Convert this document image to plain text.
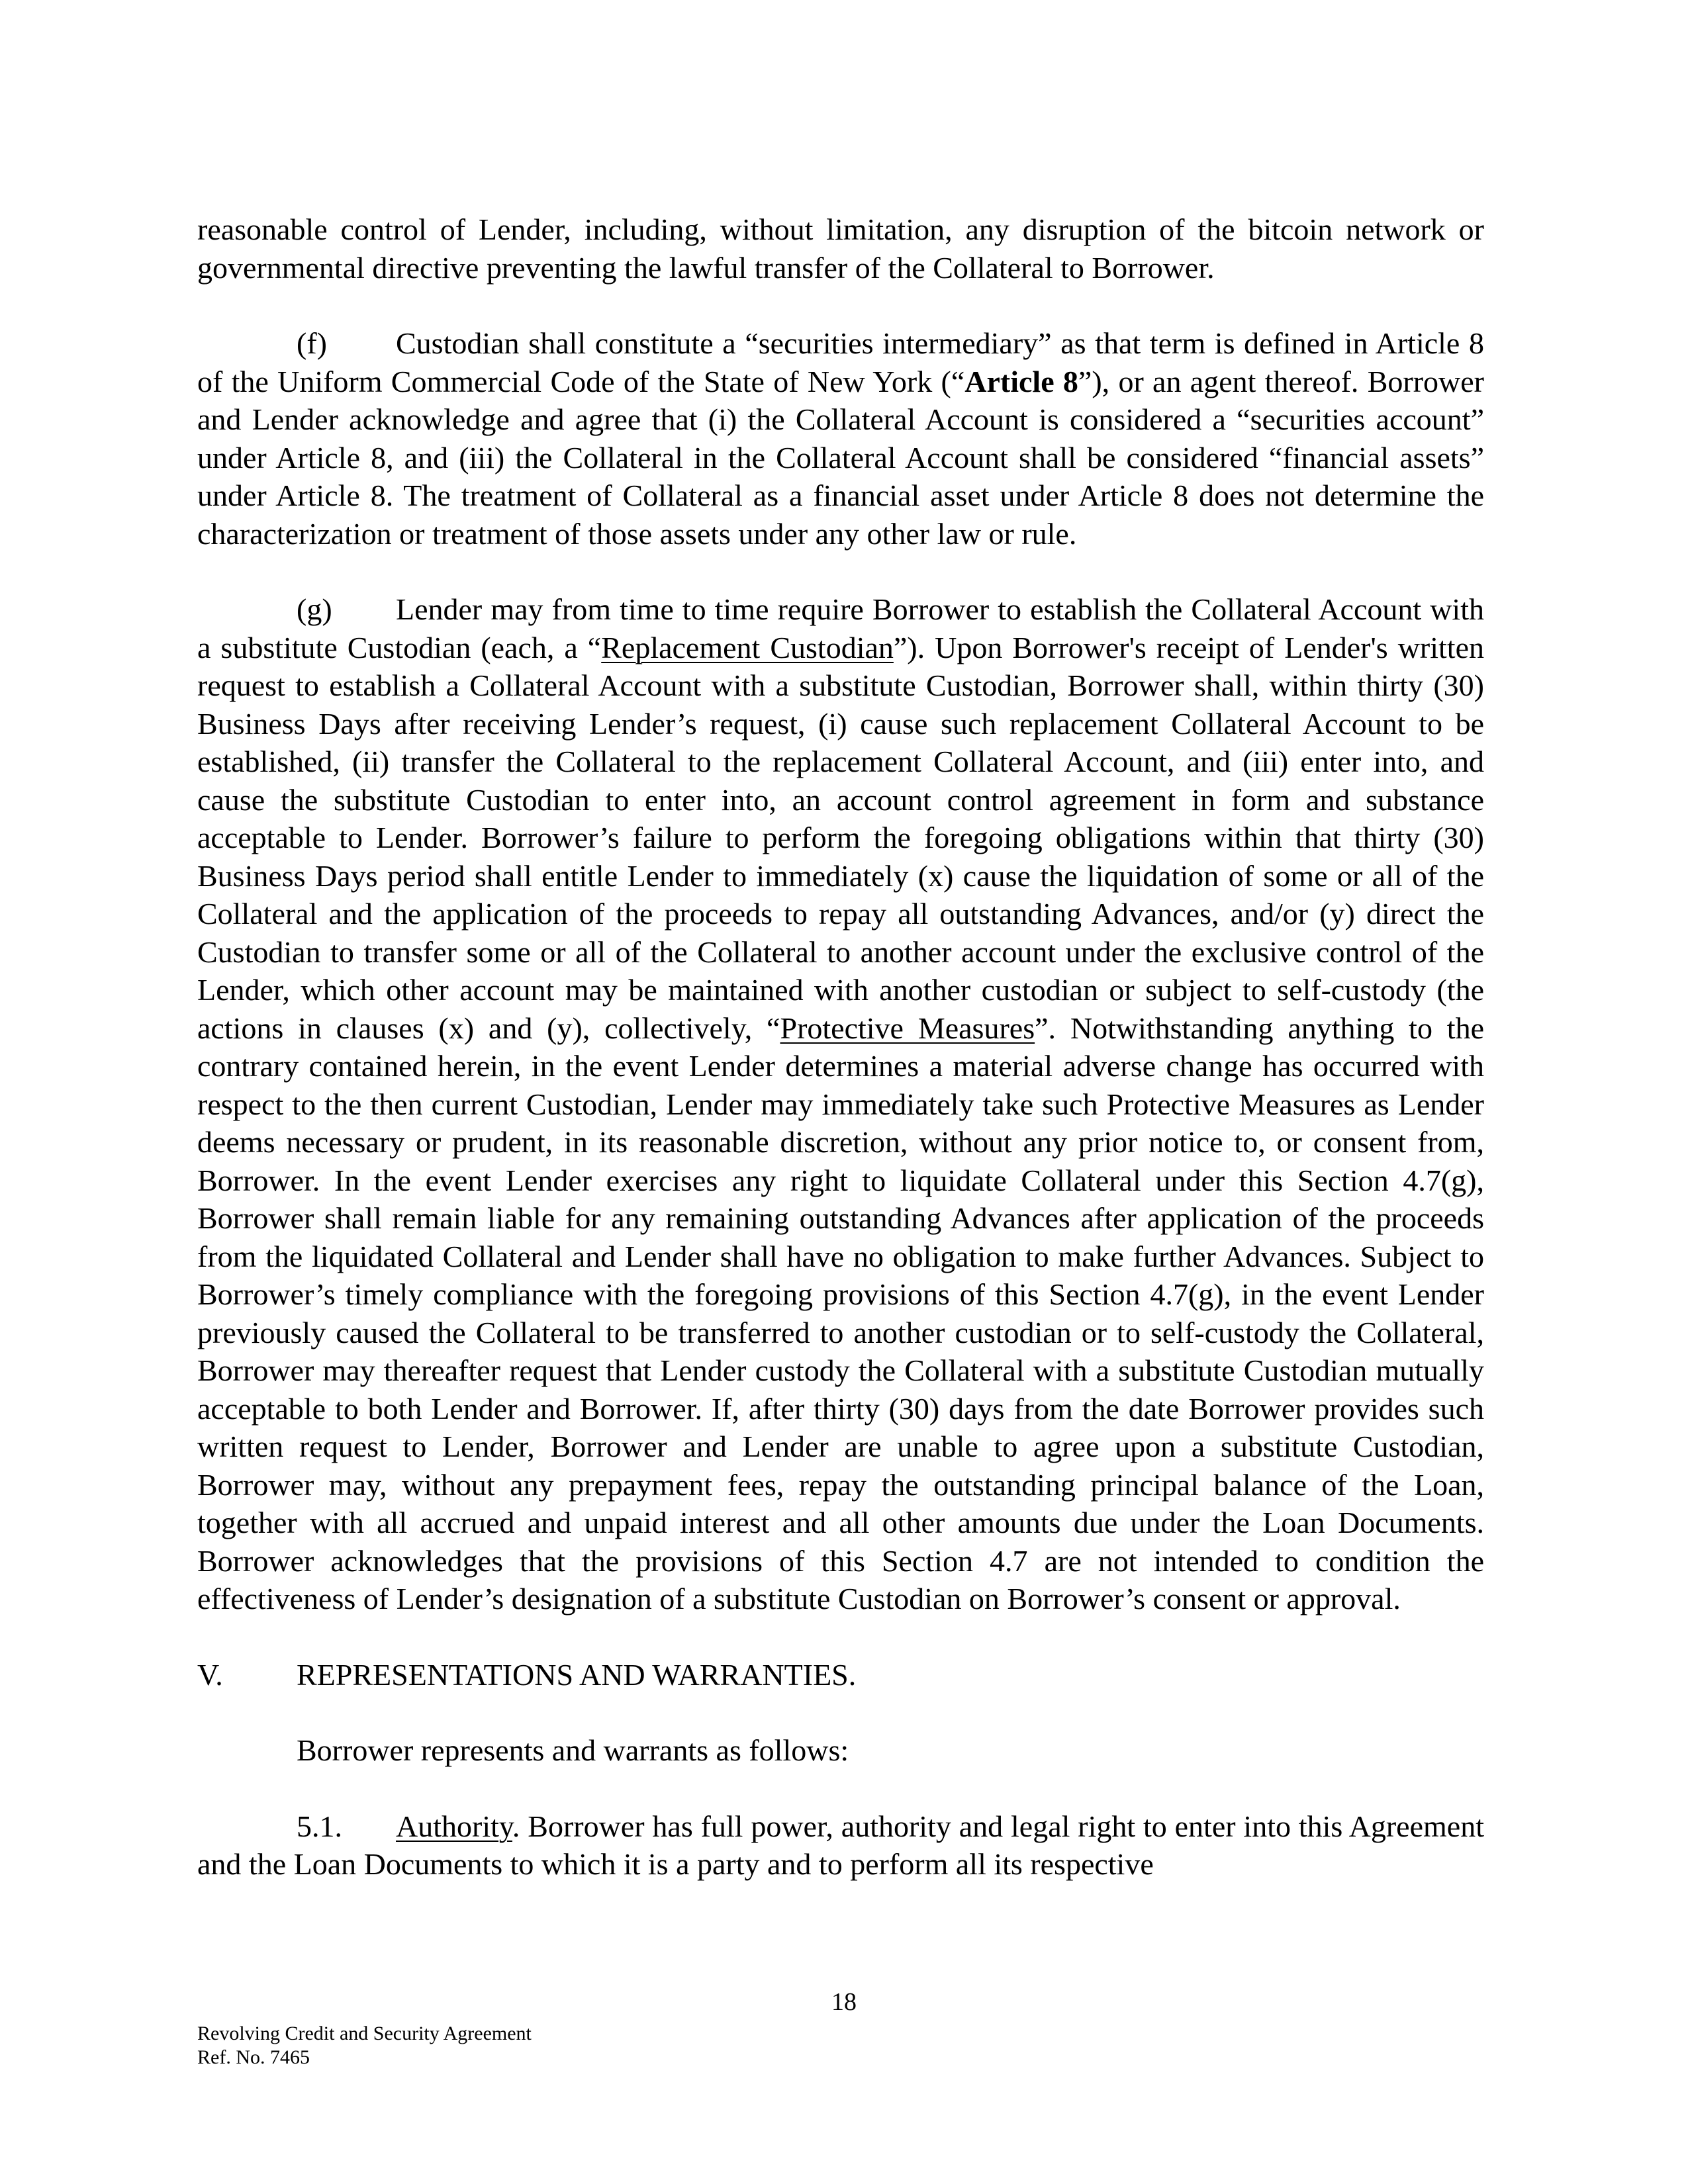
reasonable control of Lender, including, without limitation, any disruption of the bitcoin network or governmental directive preventing the lawful transfer of the Collateral to Borrower.

(f) Custodian shall constitute a “securities intermediary” as that term is defined in Article 8 of the Uniform Commercial Code of the State of New York (“Article 8”), or an agent thereof. Borrower and Lender acknowledge and agree that (i) the Collateral Account is considered a “securities account” under Article 8, and (iii) the Collateral in the Collateral Account shall be considered “financial assets” under Article 8. The treatment of Collateral as a financial asset under Article 8 does not determine the characterization or treatment of those assets under any other law or rule.

(g) Lender may from time to time require Borrower to establish the Collateral Account with a substitute Custodian (each, a “Replacement Custodian”). Upon Borrower's receipt of Lender's written request to establish a Collateral Account with a substitute Custodian, Borrower shall, within thirty (30) Business Days after receiving Lender’s request, (i) cause such replacement Collateral Account to be established, (ii) transfer the Collateral to the replacement Collateral Account, and (iii) enter into, and cause the substitute Custodian to enter into, an account control agreement in form and substance acceptable to Lender. Borrower’s failure to perform the foregoing obligations within that thirty (30) Business Days period shall entitle Lender to immediately (x) cause the liquidation of some or all of the Collateral and the application of the proceeds to repay all outstanding Advances, and/or (y) direct the Custodian to transfer some or all of the Collateral to another account under the exclusive control of the Lender, which other account may be maintained with another custodian or subject to self-custody (the actions in clauses (x) and (y), collectively, “Protective Measures”. Notwithstanding anything to the contrary contained herein, in the event Lender determines a material adverse change has occurred with respect to the then current Custodian, Lender may immediately take such Protective Measures as Lender deems necessary or prudent, in its reasonable discretion, without any prior notice to, or consent from, Borrower. In the event Lender exercises any right to liquidate Collateral under this Section 4.7(g), Borrower shall remain liable for any remaining outstanding Advances after application of the proceeds from the liquidated Collateral and Lender shall have no obligation to make further Advances. Subject to Borrower’s timely compliance with the foregoing provisions of this Section 4.7(g), in the event Lender previously caused the Collateral to be transferred to another custodian or to self-custody the Collateral, Borrower may thereafter request that Lender custody the Collateral with a substitute Custodian mutually acceptable to both Lender and Borrower. If, after thirty (30) days from the date Borrower provides such written request to Lender, Borrower and Lender are unable to agree upon a substitute Custodian, Borrower may, without any prepayment fees, repay the outstanding principal balance of the Loan, together with all accrued and unpaid interest and all other amounts due under the Loan Documents. Borrower acknowledges that the provisions of this Section 4.7 are not intended to condition the effectiveness of Lender’s designation of a substitute Custodian on Borrower’s consent or approval.

V. REPRESENTATIONS AND WARRANTIES.

Borrower represents and warrants as follows:

5.1. Authority. Borrower has full power, authority and legal right to enter into this Agreement and the Loan Documents to which it is a party and to perform all its respective

18
Revolving Credit and Security Agreement
Ref. No. 7465
